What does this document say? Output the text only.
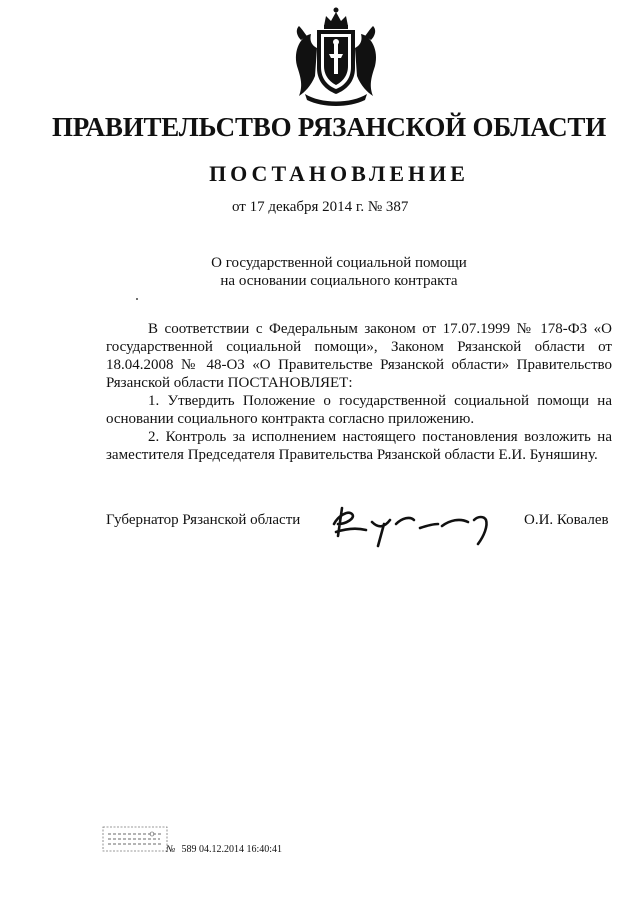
ПРАВИТЕЛЬСТВО РЯЗАНСКОЙ ОБЛАСТИ
ПОСТАНОВЛЕНИЕ
от 17 декабря 2014 г. № 387
О государственной социальной помощи
на основании социального контракта

В соответствии с Федеральным законом от 17.07.1999 № 178-ФЗ «О государственной социальной помощи», Законом Рязанской области от 18.04.2008 № 48-ОЗ «О Правительстве Рязанской области» Правительство Рязанской области ПОСТАНОВЛЯЕТ:

1. Утвердить Положение о государственной социальной помощи на основании социального контракта согласно приложению.

2. Контроль за исполнением настоящего постановления возложить на заместителя Председателя Правительства Рязанской области Е.И. Буняшину.

Губернатор Рязанской области	О.И. Ковалев
№ 589 04.12.2014 16:40:41
